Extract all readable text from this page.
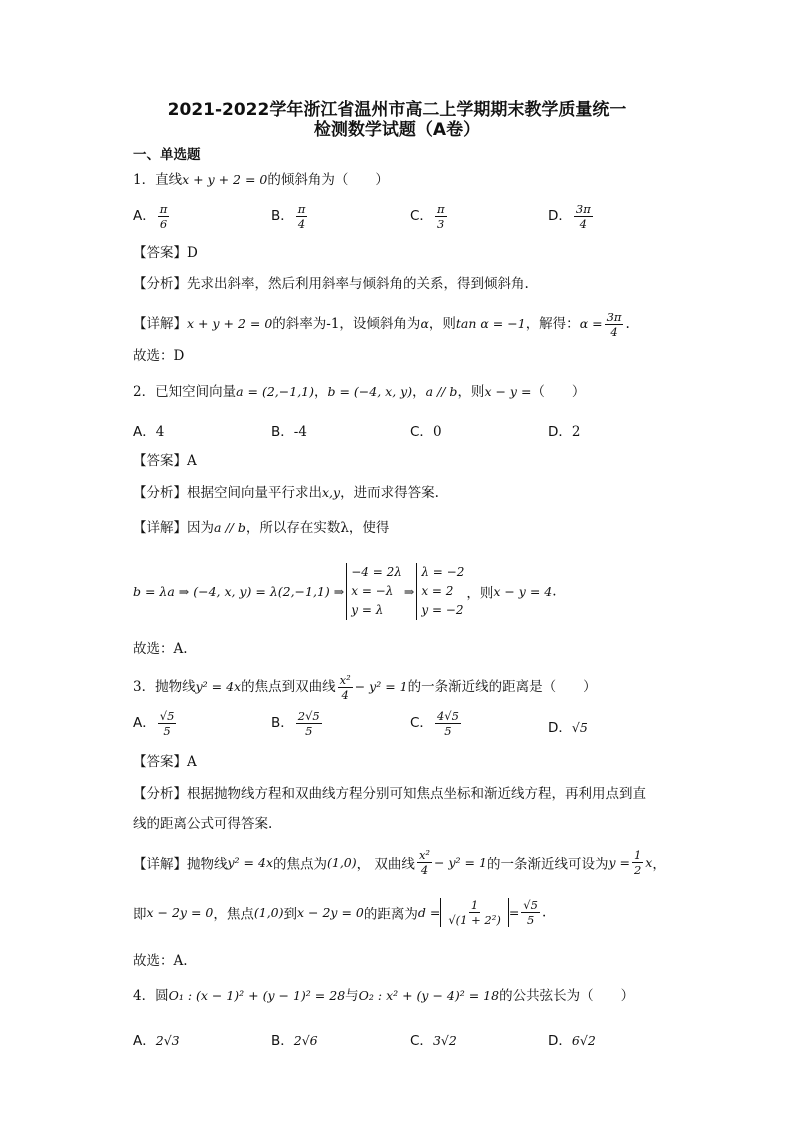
2021-2022学年浙江省温州市高二上学期期末教学质量统一
检测数学试题（A卷）
一、单选题
1．直线x + y + 2 = 0的倾斜角为（　　）
A． $\frac{\pi}{6}$	B． $\frac{\pi}{4}$	C． $\frac{\pi}{3}$	D． $\frac{3\pi}{4}$
【答案】D
【分析】先求出斜率，然后利用斜率与倾斜角的关系，得到倾斜角.
【详解】x + y + 2 = 0的斜率为-1，设倾斜角为α，则tan α = −1，解得：$\alpha = \frac{3\pi}{4}$ .
故选：D
2．已知空间向量a = (2,−1,1)，b = (−4, x, y)，a // b，则x − y =（　　）
A．4	B．-4	C．0	D．2
【答案】A
【分析】根据空间向量平行求出x,y，进而求得答案.
【详解】因为a // b，所以存在实数λ，使得
b = λa ⇒ (−4, x, y) = λ(2,−1,1) ⇒
−4 = 2λ
x = −λ
y = λ
⇒
λ = −2
x = 2
y = −2
，则x − y = 4.
故选：A.
3．抛物线y² = 4x的焦点到双曲线 $\frac{\text{x²}}{4} - y^2 = 1$的一条渐近线的距离是（　　）
A． $\frac{√5}{5}$	B． $\frac{2√5}{5}$	C． $\frac{4√5}{5}$	D．√5
【答案】A
【分析】根据抛物线方程和双曲线方程分别可知焦点坐标和渐近线方程，再利用点到直
线的距离公式可得答案.
【详解】抛物线y² = 4x的焦点为(1,0)， 双曲线 $\frac{\text{x²}}{4} - y^2 = 1$的一条渐近线可设为$y = \frac{1}{2}$ x，
即x − 2y = 0，焦点(1,0)到x − 2y = 0的距离为$d = \frac{1}{\text{√(1 + 2²)}} = \frac{√5}{5}$ .
故选：A.
4．圆O₁ : (x − 1)² + (y − 1)² = 28与O₂ : x² + (y − 4)² = 18的公共弦长为（　　）
A．2√3	B．2√6	C．3√2	D．6√2
